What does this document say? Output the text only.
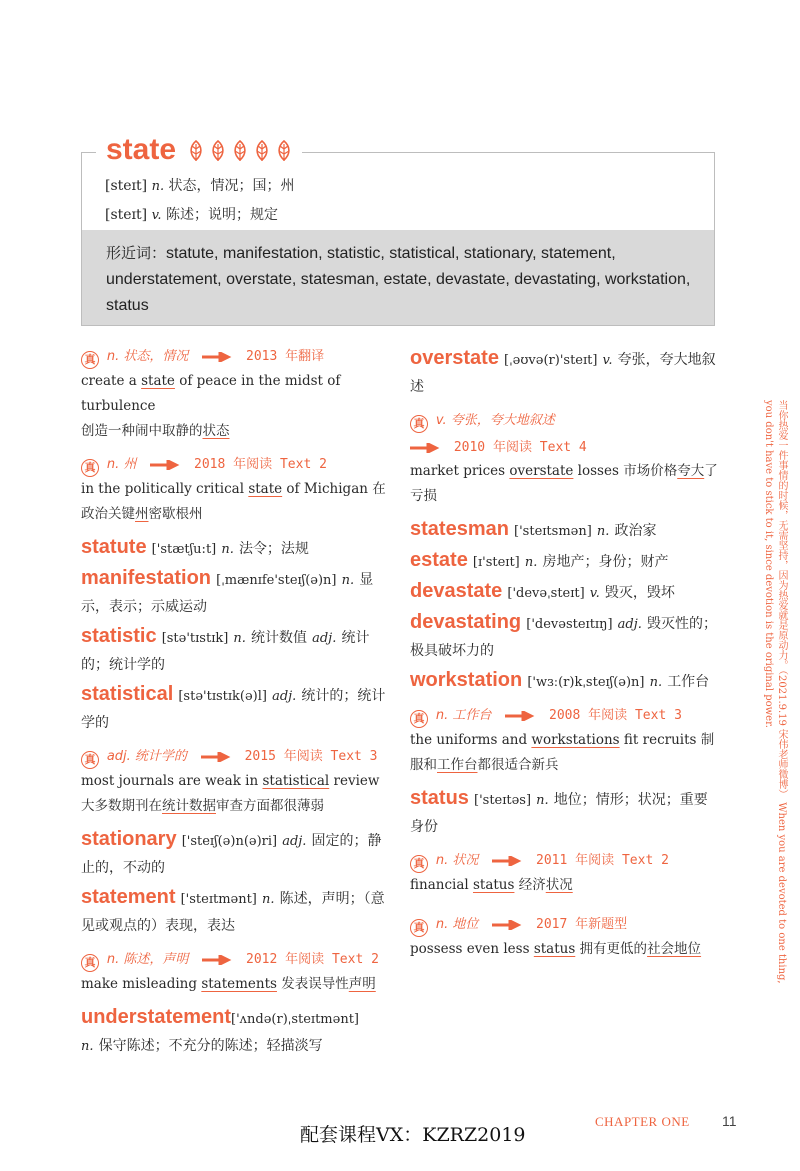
state
[steɪt] n. 状态，情况；国；州
[steɪt] v. 陈述；说明；规定
形近词：statute, manifestation, statistic, statistical, stationary, statement, understatement, overstate, statesman, estate, devastate, devastating, workstation, status
真 n. 状态，情况	2013 年翻译

create a state of peace in the midst of turbulence
创造一种闹中取静的状态

真 n. 州	2018 年阅读 Text 2

in the politically critical state of Michigan 在政治关键州密歇根州

statute ['stætʃu:t] n. 法令；法规

manifestation [ˌmænɪfe'steɪʃ(ə)n] n. 显示，表示；示威运动

statistic [stə'tɪstɪk] n. 统计数值 adj. 统计的；统计学的

statistical [stə'tɪstɪk(ə)l] adj. 统计的；统计学的

真 adj. 统计学的	2015 年阅读 Text 3

most journals are weak in statistical review 大多数期刊在统计数据审查方面都很薄弱

stationary ['steɪʃ(ə)n(ə)ri] adj. 固定的；静止的，不动的

statement ['steɪtmənt] n. 陈述，声明；（意见或观点的）表现，表达

真 n. 陈述，声明	2012 年阅读 Text 2

make misleading statements 发表误导性声明

understatement['ʌndə(r)ˌsteɪtmənt]
n. 保守陈述；不充分的陈述；轻描淡写

overstate [ˌəʊvə(r)'steɪt] v. 夸张，夸大地叙述

真 v. 夸张，夸大地叙述
2010 年阅读 Text 4

market prices overstate losses 市场价格夸大了亏损

statesman ['steɪtsmən] n. 政治家

estate [ɪ'steɪt] n. 房地产；身份；财产

devastate ['devəˌsteɪt] v. 毁灭，毁坏

devastating ['devəsteɪtɪŋ] adj. 毁灭性的；极具破坏力的

workstation ['wɜː(r)kˌsteɪʃ(ə)n] n. 工作台

真 n. 工作台	2008 年阅读 Text 3

the uniforms and workstations fit recruits 制服和工作台都很适合新兵

status ['steɪtəs] n. 地位；情形；状况；重要身份

真 n. 状况	2011 年阅读 Text 2

financial status 经济状况

真 n. 地位	2017 年新题型

possess even less status 拥有更低的社会地位	当你热爱一件事情的时候，无需坚持，因为热爱就是原动力。（2021.9.19 宋伟老师微博） When you are devoted to one thing, you don't have to stick to it, since devotion is the original power.
配套课程VX：KZRZ2019
CHAPTER ONE 11
